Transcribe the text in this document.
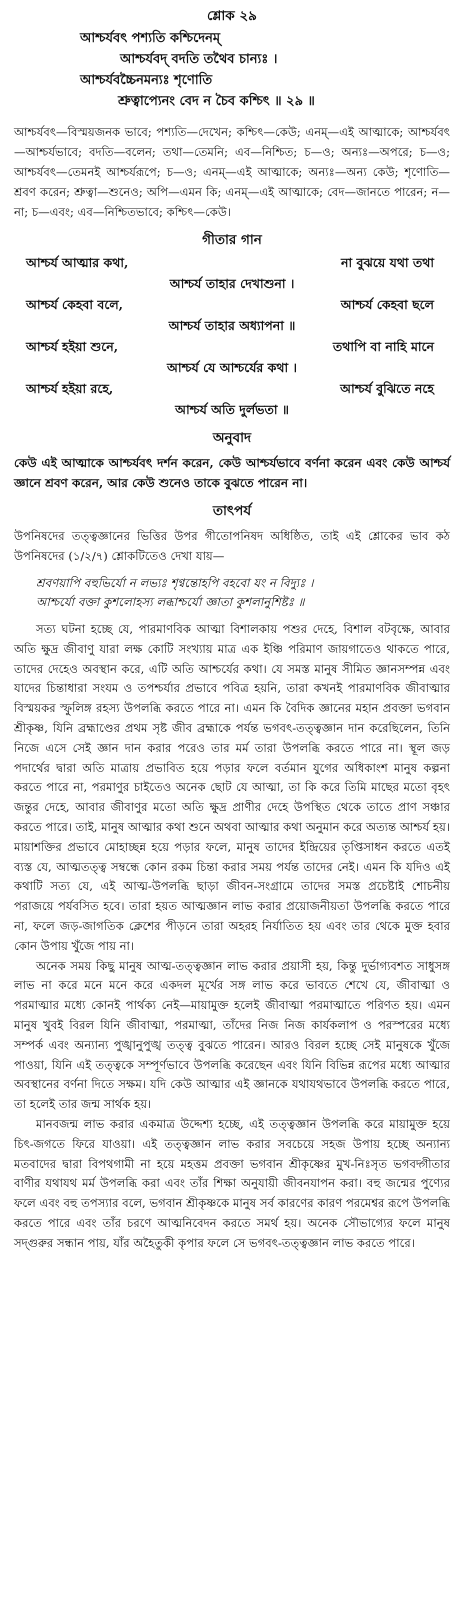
শ্লোক ২৯

আশ্চর্যবৎ পশ্যতি কশ্চিদেনম্

আশ্চর্যবদ্ বদতি তথৈব চান্যঃ ।

আশ্চর্যবচ্চৈনমন্যঃ শৃণোতি

শ্রুত্বাপ্যেনং বেদ ন চৈব কশ্চিৎ ॥ ২৯ ॥

আশ্চর্যবৎ—বিস্ময়জনক ভাবে; পশ্যতি—দেখেন; কশ্চিৎ—কেউ; এনম্—এই আত্মাকে; আশ্চর্যবৎ—আশ্চর্যভাবে; বদতি—বলেন; তথা—তেমনি; এব—নিশ্চিত; চ—ও; অন্যঃ—অপরে; চ—ও; আশ্চর্যবৎ—তেমনই আশ্চর্যরূপে; চ—ও; এনম্—এই আত্মাকে; অন্যঃ—অন্য কেউ; শৃণোতি—শ্রবণ করেন; শ্রুত্বা—শুনেও; অপি—এমন কি; এনম্—এই আত্মাকে; বেদ—জানতে পারেন; ন—না; চ—এবং; এব—নিশ্চিতভাবে; কশ্চিৎ—কেউ।

গীতার গান

আশ্চর্য আত্মার কথা,	না বুঝয়ে যথা তথা
আশ্চর্য তাহার দেখাশুনা ।
আশ্চর্য কেহবা বলে,	আশ্চর্য কেহবা ছলে
আশ্চর্য তাহার অধ্যাপনা ॥
আশ্চর্য হইয়া শুনে,	তথাপি বা নাহি মানে
আশ্চর্য যে আশ্চর্যের কথা ।
আশ্চর্য হইয়া রহে,	আশ্চর্য বুঝিতে নহে
আশ্চর্য অতি দুর্লভতা ॥

অনুবাদ

কেউ এই আত্মাকে আশ্চর্যবৎ দর্শন করেন, কেউ আশ্চর্যভাবে বর্ণনা করেন এবং কেউ আশ্চর্য জ্ঞানে শ্রবণ করেন, আর কেউ শুনেও তাকে বুঝতে পারেন না।

তাৎপর্য

উপনিষদের তত্ত্বজ্ঞানের ভিত্তির উপর গীতোপনিষদ অধিষ্ঠিত, তাই এই শ্লোকের ভাব কঠ উপনিষদের (১/২/৭) শ্লোকটিতেও দেখা যায়—

শ্রবণয়াপি বহুভির্যো ন লভ্যঃ শৃণ্বন্তোহপি বহবো যং ন বিদ্যুঃ ।
আশ্চর্যো বক্তা কুশলোহস্য লব্ধাশ্চর্যো জ্ঞাতা কুশলানুশিষ্টঃ ॥

সত্য ঘটনা হচ্ছে যে, পারমাণবিক আত্মা বিশালকায় পশুর দেহে, বিশাল বটবৃক্ষে, আবার অতি ক্ষুদ্র জীবাণু যারা লক্ষ কোটি সংখ্যায় মাত্র এক ইঞ্চি পরিমাণ জায়গাতেও থাকতে পারে, তাদের দেহেও অবস্থান করে, এটি অতি আশ্চর্যের কথা। যে সমস্ত মানুষ সীমিত জ্ঞানসম্পন্ন এবং যাদের চিন্তাধারা সংযম ও তপশ্চর্যার প্রভাবে পবিত্র হয়নি, তারা কখনই পারমাণবিক জীবাত্মার বিস্ময়কর স্ফুলিঙ্গ রহস্য উপলব্ধি করতে পারে না। এমন কি বৈদিক জ্ঞানের মহান প্রবক্তা ভগবান শ্রীকৃষ্ণ, যিনি ব্রহ্মাণ্ডের প্রথম সৃষ্ট জীব ব্রহ্মাকে পর্যন্ত ভগবৎ-তত্ত্বজ্ঞান দান করেছিলেন, তিনি নিজে এসে সেই জ্ঞান দান করার পরেও তার মর্ম তারা উপলব্ধি করতে পারে না। স্থূল জড় পদার্থের দ্বারা অতি মাত্রায় প্রভাবিত হয়ে পড়ার ফলে বর্তমান যুগের অধিকাংশ মানুষ কল্পনা করতে পারে না, পরমাণুর চাইতেও অনেক ছোট যে আত্মা, তা কি করে তিমি মাছের মতো বৃহৎ জন্তুর দেহে, আবার জীবাণুর মতো অতি ক্ষুদ্র প্রাণীর দেহে উপস্থিত থেকে তাতে প্রাণ সঞ্চার করতে পারে। তাই, মানুষ আত্মার কথা শুনে অথবা আত্মার কথা অনুমান করে অত্যন্ত আশ্চর্য হয়। মায়াশক্তির প্রভাবে মোহাচ্ছন্ন হয়ে পড়ার ফলে, মানুষ তাদের ইন্দ্রিয়ের তৃপ্তিসাধন করতে এতই ব্যস্ত যে, আত্মতত্ত্ব সম্বন্ধে কোন রকম চিন্তা করার সময় পর্যন্ত তাদের নেই। এমন কি যদিও এই কথাটি সত্য যে, এই আত্ম-উপলব্ধি ছাড়া জীবন-সংগ্রামে তাদের সমস্ত প্রচেষ্টাই শোচনীয় পরাজয়ে পর্যবসিত হবে। তারা হয়ত আত্মজ্ঞান লাভ করার প্রয়োজনীয়তা উপলব্ধি করতে পারে না, ফলে জড়-জাগতিক ক্লেশের পীড়নে তারা অহরহ নির্যাতিত হয় এবং তার থেকে মুক্ত হবার কোন উপায় খুঁজে পায় না।

অনেক সময় কিছু মানুষ আত্ম-তত্ত্বজ্ঞান লাভ করার প্রয়াসী হয়, কিন্তু দুর্ভাগ্যবশত সাধুসঙ্গ লাভ না করে মনে মনে করে একদল মূর্খের সঙ্গ লাভ করে ভাবতে শেখে যে, জীবাত্মা ও পরমাত্মার মধ্যে কোনই পার্থক্য নেই—মায়ামুক্ত হলেই জীবাত্মা পরমাত্মাতে পরিণত হয়। এমন মানুষ খুবই বিরল যিনি জীবাত্মা, পরমাত্মা, তাঁদের নিজ নিজ কার্যকলাপ ও পরস্পরের মধ্যে সম্পর্ক এবং অন্যান্য পুঙ্খানুপুঙ্খ তত্ত্ব বুঝতে পারেন। আরও বিরল হচ্ছে সেই মানুষকে খুঁজে পাওয়া, যিনি এই তত্ত্বকে সম্পূর্ণভাবে উপলব্ধি করেছেন এবং যিনি বিভিন্ন রূপের মধ্যে আত্মার অবস্থানের বর্ণনা দিতে সক্ষম। যদি কেউ আত্মার এই জ্ঞানকে যথাযথভাবে উপলব্ধি করতে পারে, তা হলেই তার জন্ম সার্থক হয়।

মানবজন্ম লাভ করার একমাত্র উদ্দেশ্য হচ্ছে, এই তত্ত্বজ্ঞান উপলব্ধি করে মায়ামুক্ত হয়ে চিৎ-জগতে ফিরে যাওয়া। এই তত্ত্বজ্ঞান লাভ করার সবচেয়ে সহজ উপায় হচ্ছে অন্যান্য মতবাদের দ্বারা বিপথগামী না হয়ে মহত্তম প্রবক্তা ভগবান শ্রীকৃষ্ণের মুখ-নিঃসৃত ভগবদ্গীতার বাণীর যথাযথ মর্ম উপলব্ধি করা এবং তাঁর শিক্ষা অনুযায়ী জীবনযাপন করা। বহু জন্মের পুণ্যের ফলে এবং বহু তপস্যার বলে, ভগবান শ্রীকৃষ্ণকে মানুষ সর্ব কারণের কারণ পরমেশ্বর রূপে উপলব্ধি করতে পারে এবং তাঁর চরণে আত্মনিবেদন করতে সমর্থ হয়। অনেক সৌভাগ্যের ফলে মানুষ সদ্গুরুর সন্ধান পায়, যাঁর অহৈতুকী কৃপার ফলে সে ভগবৎ-তত্ত্বজ্ঞান লাভ করতে পারে।
